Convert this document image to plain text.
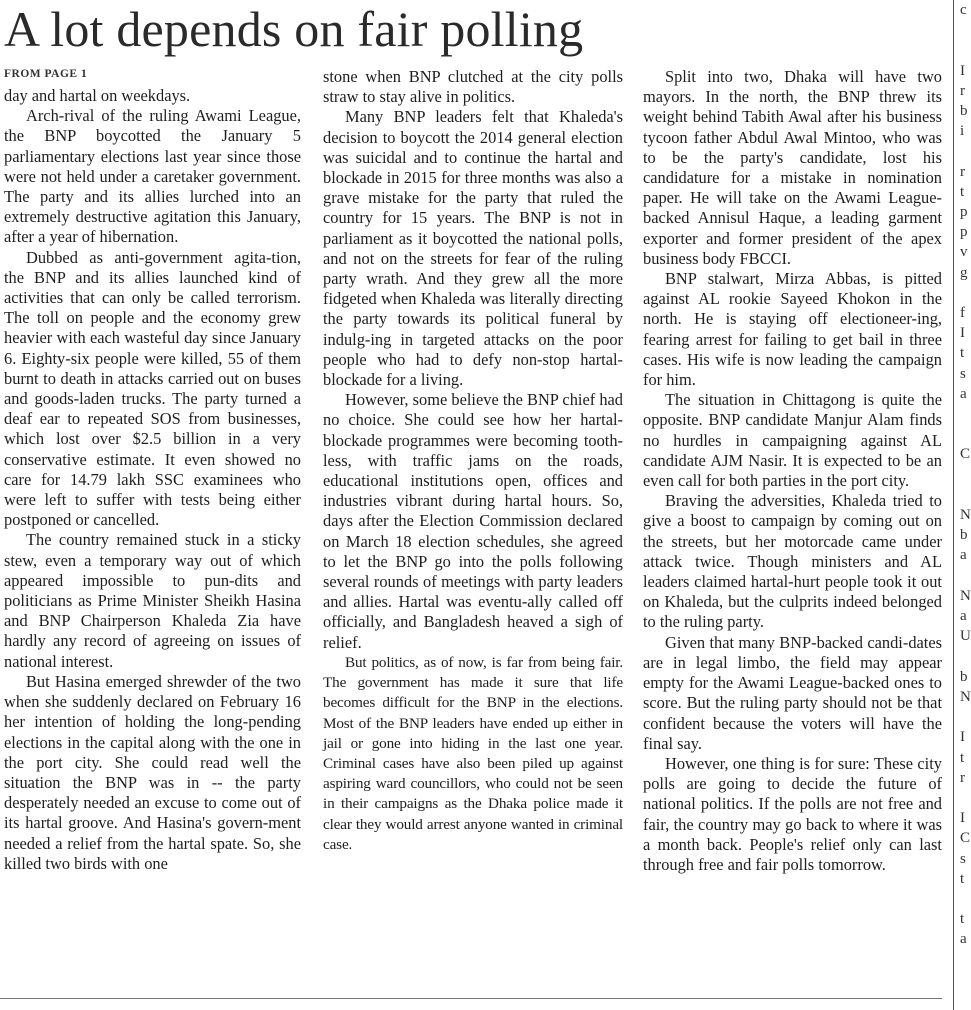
A lot depends on fair polling
FROM PAGE 1

day and hartal on weekdays.

Arch-rival of the ruling Awami League, the BNP boycotted the January 5 parliamentary elections last year since those were not held under a caretaker government. The party and its allies lurched into an extremely destructive agitation this January, after a year of hibernation.

Dubbed as anti-government agita-tion, the BNP and its allies launched kind of activities that can only be called terrorism. The toll on people and the economy grew heavier with each wasteful day since January 6. Eighty-six people were killed, 55 of them burnt to death in attacks carried out on buses and goods-laden trucks. The party turned a deaf ear to repeated SOS from businesses, which lost over $2.5 billion in a very conservative estimate. It even showed no care for 14.79 lakh SSC examinees who were left to suffer with tests being either postponed or cancelled.

The country remained stuck in a sticky stew, even a temporary way out of which appeared impossible to pun-dits and politicians as Prime Minister Sheikh Hasina and BNP Chairperson Khaleda Zia have hardly any record of agreeing on issues of national interest.

But Hasina emerged shrewder of the two when she suddenly declared on February 16 her intention of holding the long-pending elections in the capital along with the one in the port city. She could read well the situation the BNP was in -- the party desperately needed an excuse to come out of its hartal groove. And Hasina's govern-ment needed a relief from the hartal spate. So, she killed two birds with one

stone when BNP clutched at the city polls straw to stay alive in politics.

Many BNP leaders felt that Khaleda's decision to boycott the 2014 general election was suicidal and to continue the hartal and blockade in 2015 for three months was also a grave mistake for the party that ruled the country for 15 years. The BNP is not in parliament as it boycotted the national polls, and not on the streets for fear of the ruling party wrath. And they grew all the more fidgeted when Khaleda was literally directing the party towards its political funeral by indulg-ing in targeted attacks on the poor people who had to defy non-stop hartal-blockade for a living.

However, some believe the BNP chief had no choice. She could see how her hartal-blockade programmes were becoming tooth-less, with traffic jams on the roads, educational institutions open, offices and industries vibrant during hartal hours. So, days after the Election Commission declared on March 18 election schedules, she agreed to let the BNP go into the polls following several rounds of meetings with party leaders and allies. Hartal was eventu-ally called off officially, and Bangladesh heaved a sigh of relief.

But politics, as of now, is far from being fair. The government has made it sure that life becomes difficult for the BNP in the elections. Most of the BNP leaders have ended up either in jail or gone into hiding in the last one year. Criminal cases have also been piled up against aspiring ward councillors, who could not be seen in their campaigns as the Dhaka police made it clear they would arrest anyone wanted in criminal case.

Split into two, Dhaka will have two mayors. In the north, the BNP threw its weight behind Tabith Awal after his business tycoon father Abdul Awal Mintoo, who was to be the party's candidate, lost his candidature for a mistake in nomination paper. He will take on the Awami League-backed Annisul Haque, a leading garment exporter and former president of the apex business body FBCCI.

BNP stalwart, Mirza Abbas, is pitted against AL rookie Sayeed Khokon in the north. He is staying off electioneer-ing, fearing arrest for failing to get bail in three cases. His wife is now leading the campaign for him.

The situation in Chittagong is quite the opposite. BNP candidate Manjur Alam finds no hurdles in campaigning against AL candidate AJM Nasir. It is expected to be an even call for both parties in the port city.

Braving the adversities, Khaleda tried to give a boost to campaign by coming out on the streets, but her motorcade came under attack twice. Though ministers and AL leaders claimed hartal-hurt people took it out on Khaleda, but the culprits indeed belonged to the ruling party.

Given that many BNP-backed candi-dates are in legal limbo, the field may appear empty for the Awami League-backed ones to score. But the ruling party should not be that confident because the voters will have the final say.

However, one thing is for sure: These city polls are going to decide the future of national politics. If the polls are not free and fair, the country may go back to where it was a month back. People's relief only can last through free and fair polls tomorrow.

c

I
r
b
i

r
t
p
p
v
g

f
I
t
s
a

C

N
b
a

N
a
U

b
N

I
t
r

I
C
s
t

t
a
